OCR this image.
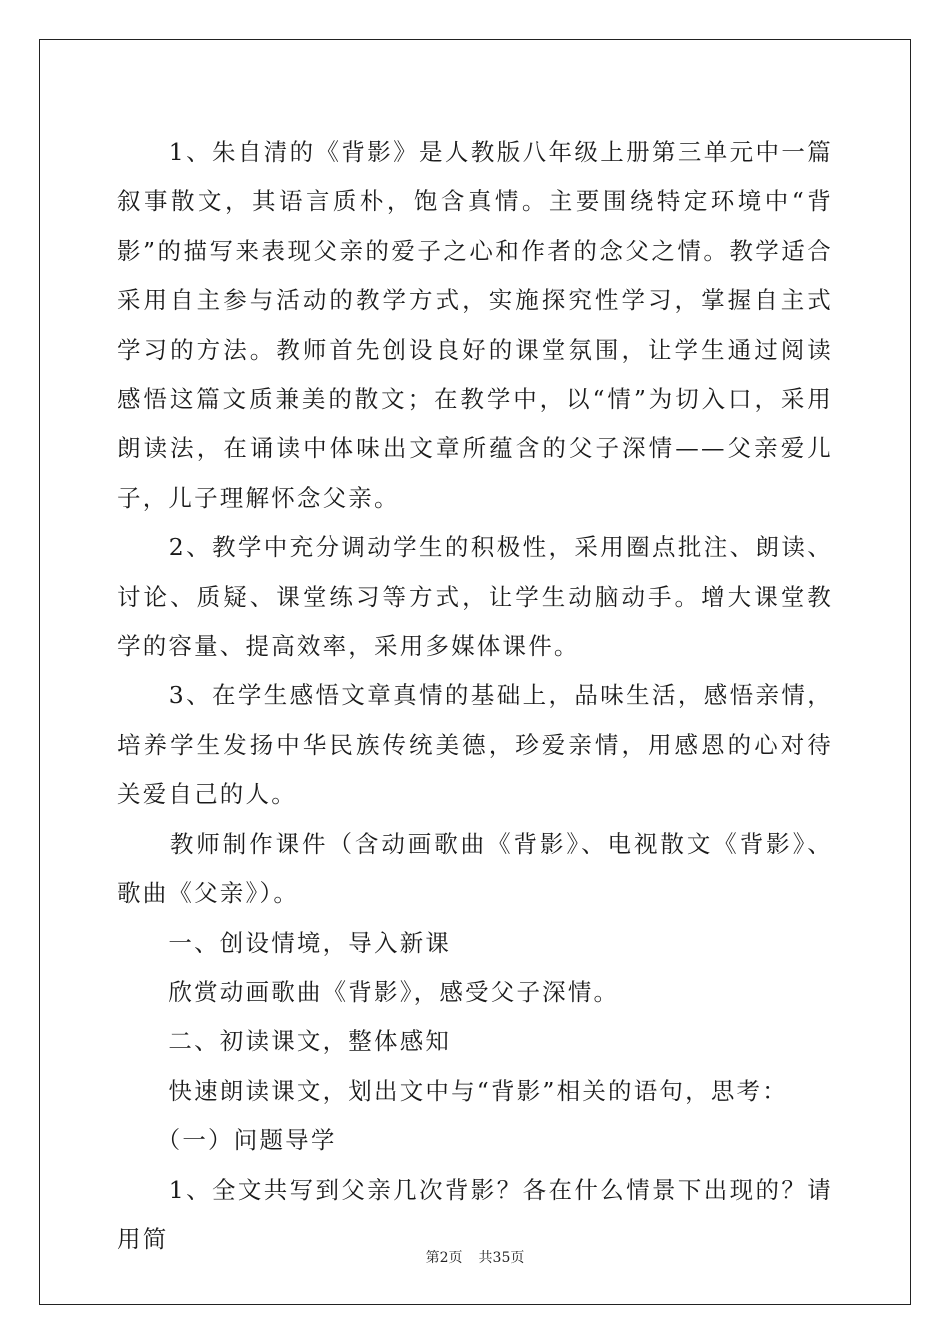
　　1、朱自清的《背影》是人教版八年级上册第三单元中一篇叙事散文，其语言质朴，饱含真情。主要围绕特定环境中“背影”的描写来表现父亲的爱子之心和作者的念父之情。教学适合采用自主参与活动的教学方式，实施探究性学习，掌握自主式学习的方法。教师首先创设良好的课堂氛围，让学生通过阅读感悟这篇文质兼美的散文；在教学中，以“情”为切入口，采用朗读法，在诵读中体味出文章所蕴含的父子深情——父亲爱儿子，儿子理解怀念父亲。

　　2、教学中充分调动学生的积极性，采用圈点批注、朗读、讨论、质疑、课堂练习等方式，让学生动脑动手。增大课堂教学的容量、提高效率，采用多媒体课件。

　　3、在学生感悟文章真情的基础上，品味生活，感悟亲情，培养学生发扬中华民族传统美德，珍爱亲情，用感恩的心对待关爱自己的人。

　　教师制作课件（含动画歌曲《背影》、电视散文《背影》、歌曲《父亲》）。

　　一、创设情境，导入新课

　　欣赏动画歌曲《背影》，感受父子深情。

　　二、初读课文，整体感知

　　快速朗读课文，划出文中与“背影”相关的语句，思考：

　　（一）问题导学

　　1、全文共写到父亲几次背影？各在什么情景下出现的？请用简

第2页 共35页
